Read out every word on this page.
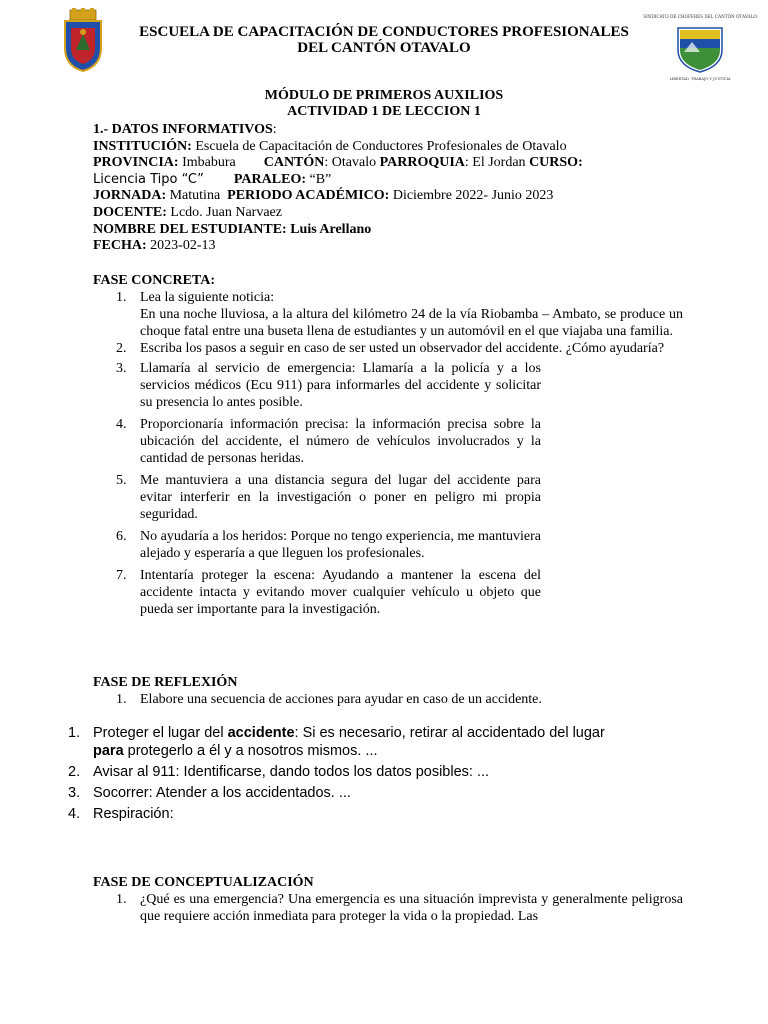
SINDICATO DE CHOFERES DEL CANTÓN OTAVALO
LIBERTAD, TRABAJO Y JUSTICIA
ESCUELA DE CAPACITACIÓN DE CONDUCTORES PROFESIONALES
DEL CANTÓN OTAVALO
MÓDULO DE PRIMEROS AUXILIOS
ACTIVIDAD 1 DE LECCION 1
1.- DATOS INFORMATIVOS:
INSTITUCIÓN: Escuela de Capacitación de Conductores Profesionales de Otavalo
PROVINCIA: Imbabura CANTÓN: Otavalo PARROQUIA: El Jordan CURSO:
Licencia Tipo “C” PARALEO: “B”
JORNADA: Matutina PERIODO ACADÉMICO: Diciembre 2022- Junio 2023
DOCENTE: Lcdo. Juan Narvaez
NOMBRE DEL ESTUDIANTE: Luis Arellano
FECHA: 2023-02-13
FASE CONCRETA:
1. Lea la siguiente noticia:
En una noche lluviosa, a la altura del kilómetro 24 de la vía Riobamba – Ambato, se produce un choque fatal entre una buseta llena de estudiantes y un automóvil en el que viajaba una familia.
2. Escriba los pasos a seguir en caso de ser usted un observador del accidente. ¿Cómo ayudaría?
3. Llamaría al servicio de emergencia: Llamaría a la policía y a los servicios médicos (Ecu 911) para informarles del accidente y solicitar su presencia lo antes posible.
4. Proporcionaría información precisa: la información precisa sobre la ubicación del accidente, el número de vehículos involucrados y la cantidad de personas heridas.
5. Me mantuviera a una distancia segura del lugar del accidente para evitar interferir en la investigación o poner en peligro mi propia seguridad.
6. No ayudaría a los heridos: Porque no tengo experiencia, me mantuviera alejado y esperaría a que lleguen los profesionales.
7. Intentaría proteger la escena: Ayudando a mantener la escena del accidente intacta y evitando mover cualquier vehículo u objeto que pueda ser importante para la investigación.
FASE DE REFLEXIÓN
1. Elabore una secuencia de acciones para ayudar en caso de un accidente.
1. Proteger el lugar del accidente: Si es necesario, retirar al accidentado del lugar para protegerlo a él y a nosotros mismos. ...
2. Avisar al 911: Identificarse, dando todos los datos posibles: ...
3. Socorrer: Atender a los accidentados. ...
4. Respiración:
FASE DE CONCEPTUALIZACIÓN
1. ¿Qué es una emergencia? Una emergencia es una situación imprevista y generalmente peligrosa que requiere acción inmediata para proteger la vida o la propiedad. Las
